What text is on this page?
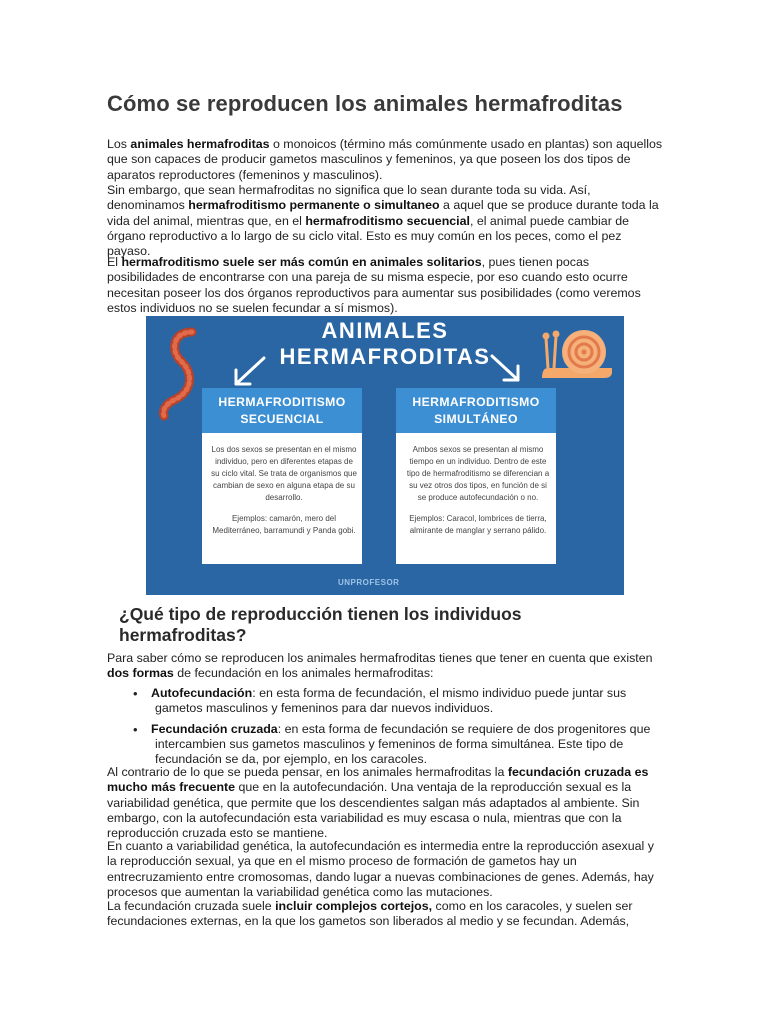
Cómo se reproducen los animales hermafroditas
Los animales hermafroditas o monoicos (término más comúnmente usado en plantas) son aquellos que son capaces de producir gametos masculinos y femeninos, ya que poseen los dos tipos de aparatos reproductores (femeninos y masculinos).
Sin embargo, que sean hermafroditas no significa que lo sean durante toda su vida. Así, denominamos hermafroditismo permanente o simultaneo a aquel que se produce durante toda la vida del animal, mientras que, en el hermafroditismo secuencial, el animal puede cambiar de órgano reproductivo a lo largo de su ciclo vital. Esto es muy común en los peces, como el pez payaso.
El hermafroditismo suele ser más común en animales solitarios, pues tienen pocas posibilidades de encontrarse con una pareja de su misma especie, por eso cuando esto ocurre necesitan poseer los dos órganos reproductivos para aumentar sus posibilidades (como veremos estos individuos no se suelen fecundar a sí mismos).
¿Qué tipo de reproducción tienen los individuos hermafroditas?
Para saber cómo se reproducen los animales hermafroditas tienes que tener en cuenta que existen dos formas de fecundación en los animales hermafroditas:
• Autofecundación: en esta forma de fecundación, el mismo individuo puede juntar sus
gametos masculinos y femeninos para dar nuevos individuos.
• Fecundación cruzada: en esta forma de fecundación se requiere de dos progenitores que
intercambien sus gametos masculinos y femeninos de forma simultánea. Este tipo de fecundación se da, por ejemplo, en los caracoles.
Al contrario de lo que se pueda pensar, en los animales hermafroditas la fecundación cruzada es mucho más frecuente que en la autofecundación. Una ventaja de la reproducción sexual es la variabilidad genética, que permite que los descendientes salgan más adaptados al ambiente. Sin embargo, con la autofecundación esta variabilidad es muy escasa o nula, mientras que con la reproducción cruzada esto se mantiene.
En cuanto a variabilidad genética, la autofecundación es intermedia entre la reproducción asexual y la reproducción sexual, ya que en el mismo proceso de formación de gametos hay un entrecruzamiento entre cromosomas, dando lugar a nuevas combinaciones de genes. Además, hay procesos que aumentan la variabilidad genética como las mutaciones.
La fecundación cruzada suele incluir complejos cortejos, como en los caracoles, y suelen ser fecundaciones externas, en la que los gametos son liberados al medio y se fecundan. Además,
ANIMALES
HERMAFRODITAS
HERMAFRODITISMO
SECUENCIAL

Los dos sexos se presentan en el mismo individuo, pero en diferentes etapas de su ciclo vital. Se trata de organismos que cambian de sexo en alguna etapa de su desarrollo.

Ejemplos: camarón, mero del Mediterráneo, barramundi y Panda gobi.

HERMAFRODITISMO
SIMULTÁNEO

Ambos sexos se presentan al mismo tiempo en un individuo. Dentro de este tipo de hermafroditismo se diferencian a su vez otros dos tipos, en función de si se produce autofecundación o no.

Ejemplos: Caracol, lombrices de tierra, almirante de manglar y serrano pálido.

UNPROFESOR
